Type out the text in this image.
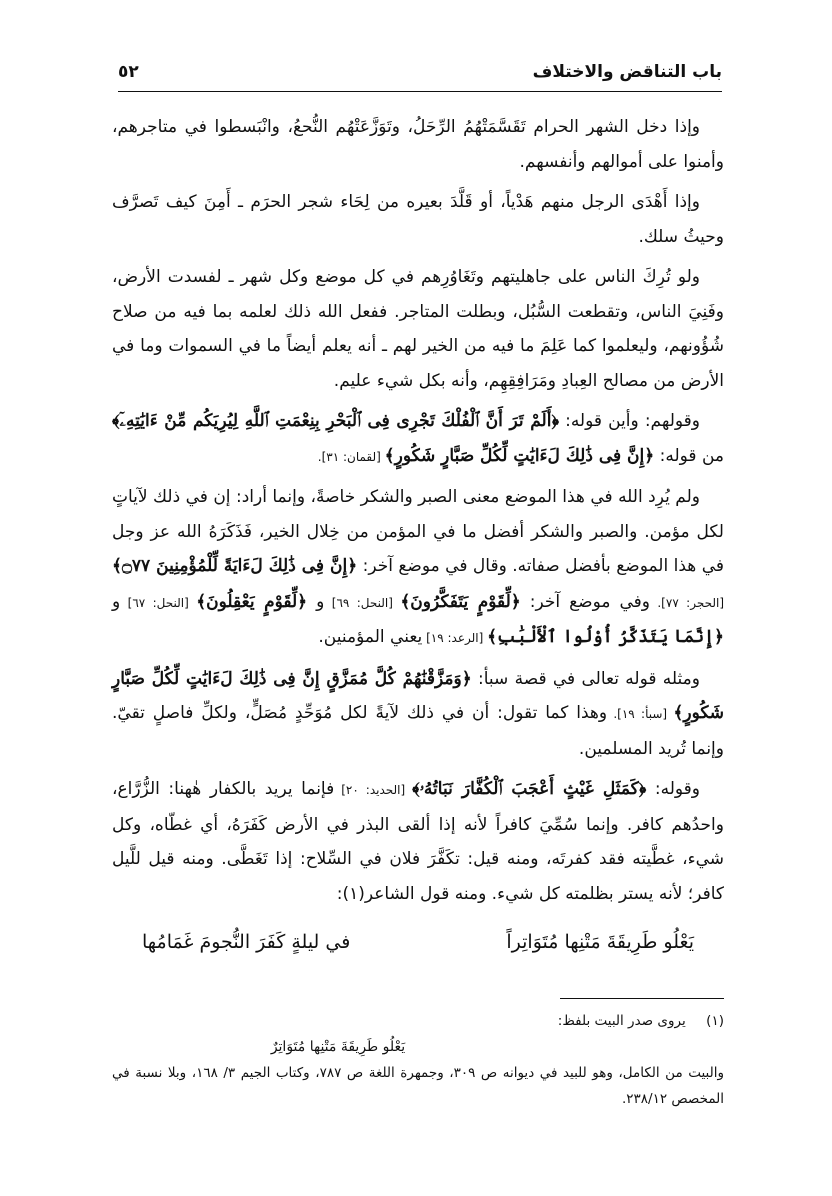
باب التناقض والاختلاف
٥٢

وإذا دخل الشهر الحرام تَقَسَّمَتْهُمُ الرِّحَلُ، وتَوَزَّعَتْهُم النُّحعُ، وانْبَسطوا في متاجرهم، وأمنوا على أموالهم وأنفسهم.

وإذا أَهْدَى الرجل منهم هَدْياً، أو قَلَّدَ بعيره من لِحَاء شجر الحرَم ـ أَمِنَ كيف تَصرَّف وحيثُ سلك.

ولو تُرِكَ الناس على جاهليتهم وتَغَاوُرِهم في كل موضع وكل شهر ـ لفسدت الأرض، وفَنِيَ الناس، وتقطعت السُّبُل، وبطلت المتاجر. ففعل الله ذلك لعلمه بما فيه من صلاح شُؤُونهم، وليعلموا كما عَلِمَ ما فيه من الخير لهم ـ أنه يعلم أيضاً ما في السموات وما في الأرض من مصالح العِبادِ ومَرَافِقِهِم، وأنه بكل شيء عليم.

وقولهم: وأين قوله: ﴿أَلَمْ تَرَ أَنَّ ٱلْفُلْكَ تَجْرِى فِى ٱلْبَحْرِ بِنِعْمَتِ ٱللَّهِ لِيُرِيَكُم مِّنْ ءَايَٰتِهِۦٓ﴾ من قوله: ﴿إِنَّ فِى ذَٰلِكَ لَءَايَٰتٍ لِّكُلِّ صَبَّارٍ شَكُورٍ﴾ [لقمان: ٣١].

ولم يُرِد الله في هذا الموضع معنى الصبر والشكر خاصةً، وإنما أراد: إن في ذلك لآياتٍ لكل مؤمن. والصبر والشكر أفضل ما في المؤمن من خِلال الخير، فَذَكَرَهُ الله عز وجل في هذا الموضع بأفضل صفاته. وقال في موضع آخر: ﴿إِنَّ فِى ذَٰلِكَ لَءَايَةً لِّلْمُؤْمِنِينَ ۝٧٧﴾ [الحجر: ٧٧]. وفي موضع آخر: ﴿لِّقَوْمٍ يَتَفَكَّرُونَ﴾ [النحل: ٦٩] و ﴿لِّقَوْمٍ يَعْقِلُونَ﴾ [النحل: ٦٧] و ﴿إِنَّمَا يَتَذَكَّرُ أُوْلُوا ٱلْأَلْبَٰبِ﴾ [الرعد: ١٩] يعني المؤمنين.

ومثله قوله تعالى في قصة سبأ: ﴿وَمَزَّقْنَٰهُمْ كُلَّ مُمَزَّقٍ إِنَّ فِى ذَٰلِكَ لَءَايَٰتٍ لِّكُلِّ صَبَّارٍ شَكُورٍ﴾ [سبأ: ١٩]. وهذا كما تقول: أن في ذلك لآيةً لكل مُوَحِّدٍ مُصَلٍّ، ولكلِّ فاصلٍ تقيّ. وإنما تُريد المسلمين.

وقوله: ﴿كَمَثَلِ غَيْثٍ أَعْجَبَ ٱلْكُفَّارَ نَبَاتُهُۥ﴾ [الحديد: ٢٠] فإنما يريد بالكفار هٰهنا: الزُّرَّاع، واحدُهم كافر. وإنما سُمِّيَ كافراً لأنه إذا ألقى البذر في الأرض كَفَرَهُ، أي غطّاه، وكل شيء، غطَّيته فقد كفرتَه، ومنه قيل: تكَفَّرَ فلان في السِّلاح: إذا تَغَطَّى. ومنه قيل للَّيل كافر؛ لأنه يستر بظلمته كل شيء. ومنه قول الشاعر(١):

يَعْلُو طَرِيقَةَ مَتْنِها مُتَوَاتِراً
في ليلةٍ كَفَرَ النُّجومَ غَمَامُها

(١) يروى صدر البيت بلفظ:

يَعْلُو طَرِيقَةَ مَتْنِها مُتَوَاتِرٌ

والبيت من الكامل، وهو للبيد في ديوانه ص ٣٠٩، وجمهرة اللغة ص ٧٨٧، وكتاب الجيم ٣/ ١٦٨، وبلا نسبة في المخصص ٢٣٨/١٢.
